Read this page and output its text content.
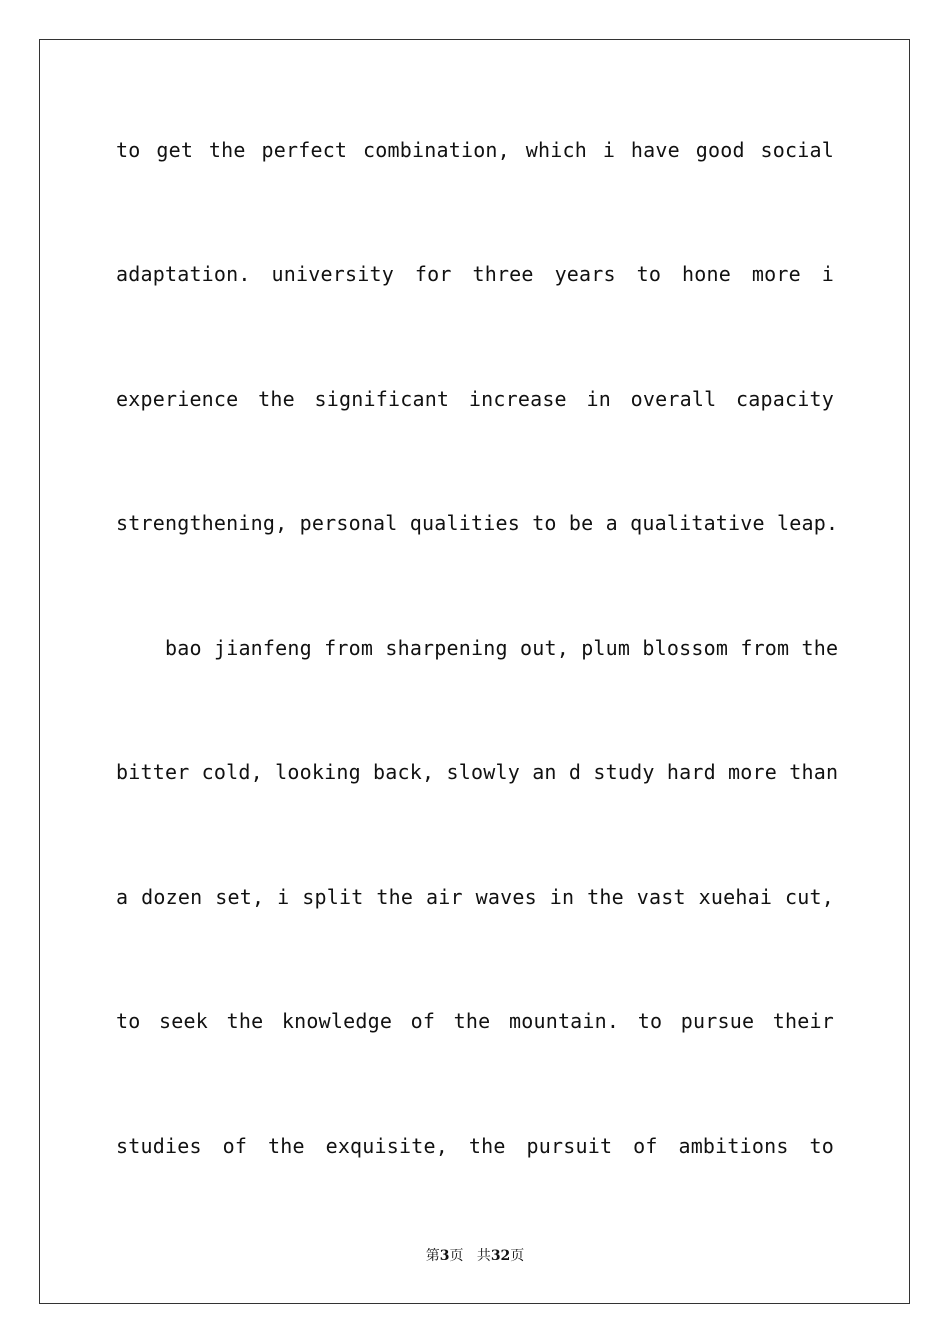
to get the perfect combination, which i have good social
adaptation. university for three years to hone more i
experience the significant increase in overall capacity
strengthening, personal qualities to be a qualitative leap.
bao jianfeng from sharpening out, plum blossom from the
bitter cold, looking back, slowly an d study hard more than
a dozen set, i split the air waves in the vast xuehai cut,
to seek the knowledge of the mountain. to pursue their
studies of the exquisite, the pursuit of ambitions to
第3页 共32页
